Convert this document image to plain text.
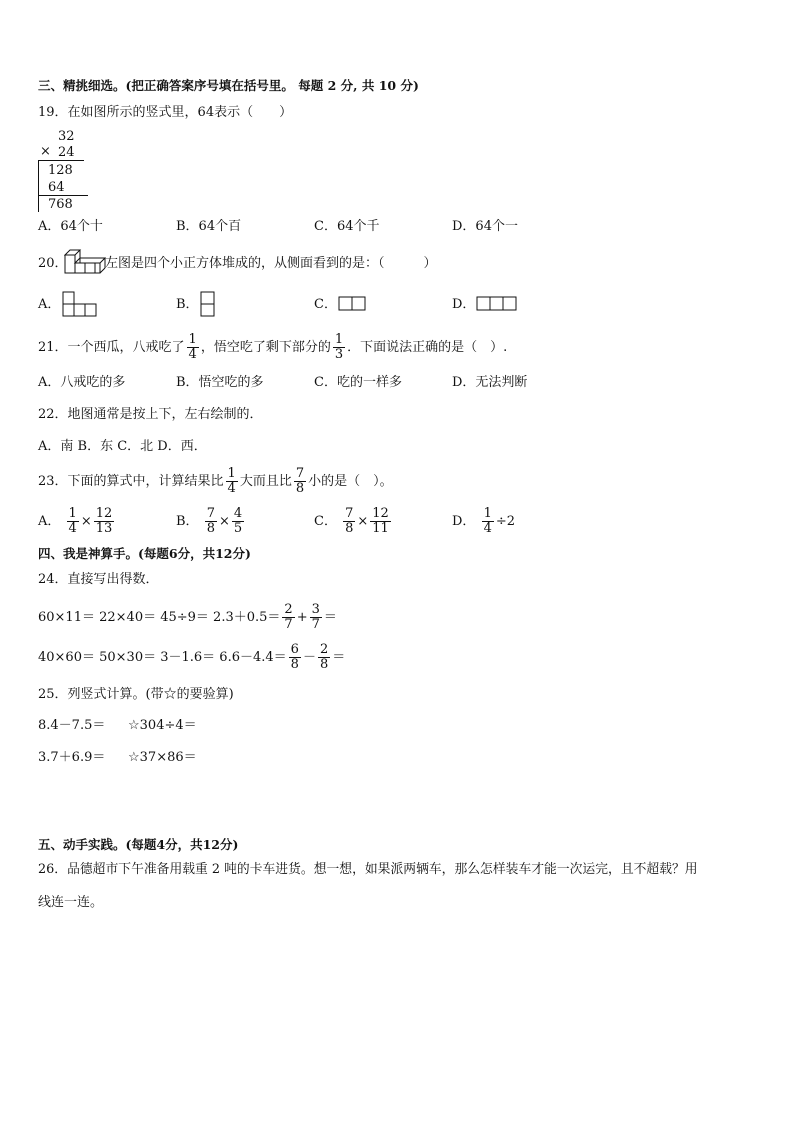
三、精挑细选。(把正确答案序号填在括号里。 每题 2 分, 共 10 分)
19．在如图所示的竖式里，64表示（　　）
32
× 24
128
64
768
A．64个十	B．64个百	C．64个千	D．64个一
20．	左图是四个小正方体堆成的，从侧面看到的是：（　　　）
A．	B．	C．	D．
21．一个西瓜，八戒吃了 $\frac{1}{4}$ ，悟空吃了剩下部分的 $\frac{1}{3}$ ．下面说法正确的是（　）.
A．八戒吃的多	B．悟空吃的多	C．吃的一样多	D．无法判断
22．地图通常是按上下，左右绘制的．
A．南 B．东 C．北 D．西．
23．下面的算式中，计算结果比 $\frac{1}{4}$ 大而且比 $\frac{7}{8}$ 小的是（　）。
A． $\frac{1}{4} \times \frac{12}{13}$	B． $\frac{7}{8} \times \frac{4}{5}$	C． $\frac{7}{8} \times \frac{12}{11}$	D． $\frac{1}{4} \div 2$
四、我是神算手。(每题6分，共12分)
24．直接写出得数．
$60\times 11= 22\times 40= 45\div 9= 2.3+0.5= \frac{2}{7} + \frac{3}{7}$ ＝
$40\times 60= 50\times 30= 3-1.6= 6.6-4.4= \frac{6}{8} - \frac{2}{8}$ ＝
25．列竖式计算。(带☆的要验算)
8.4－7.5＝ ☆304÷4＝
3.7＋6.9＝ ☆37×86＝
五、动手实践。(每题4分，共12分)
26．品德超市下午准备用载重 2 吨的卡车进货。想一想，如果派两辆车，那么怎样装车才能一次运完，且不超载？用
线连一连。
